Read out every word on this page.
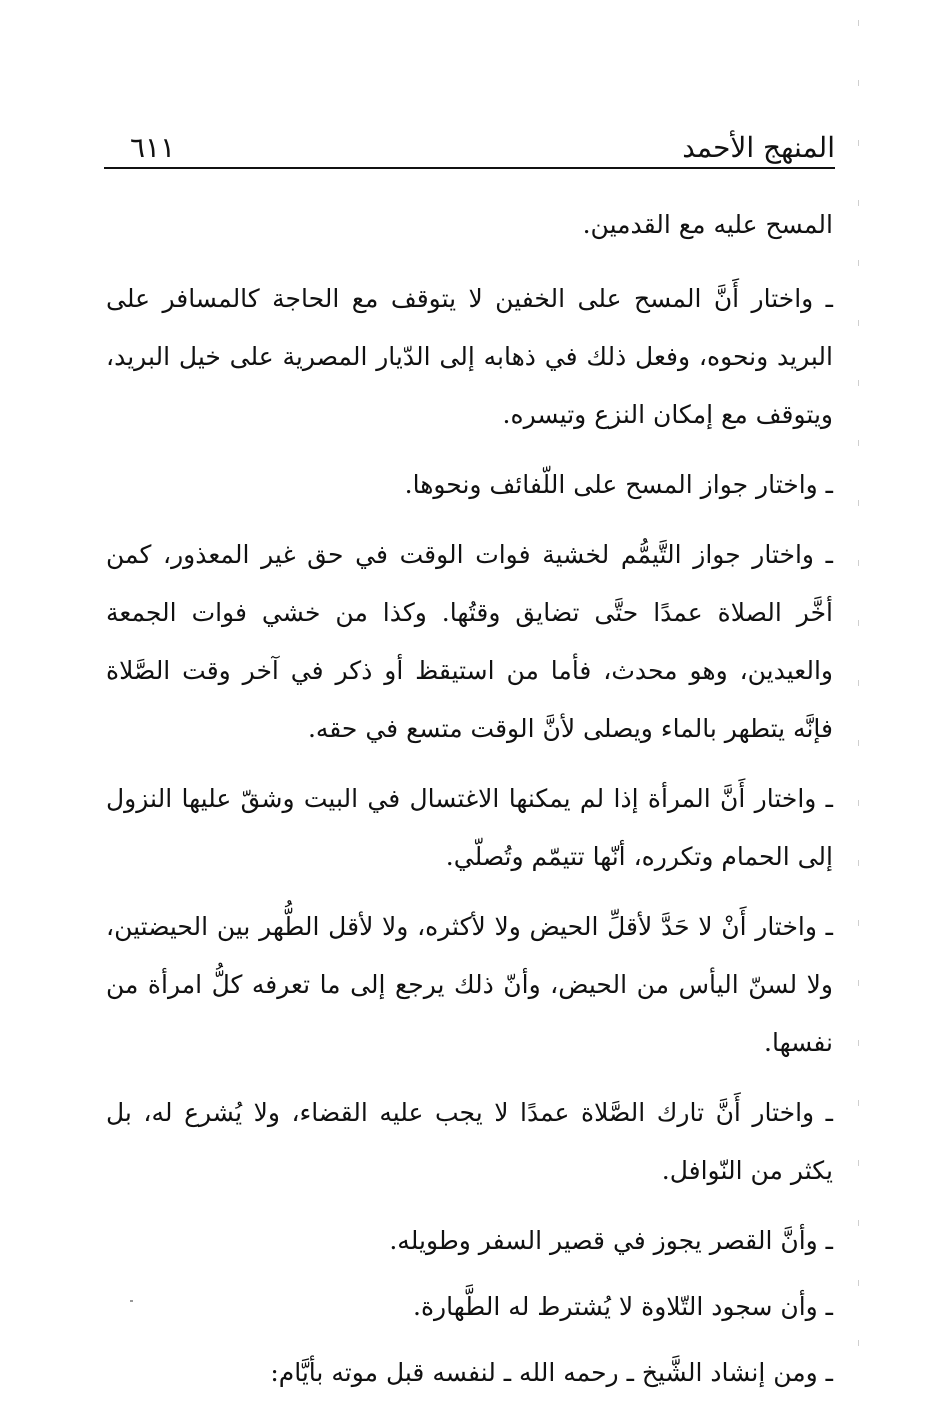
المنهج الأحمد
٦١١

المسح عليه مع القدمين.

ـ واختار أَنَّ المسح على الخفين لا يتوقف مع الحاجة كالمسافر على البريد ونحوه، وفعل ذلك في ذهابه إلى الدّيار المصرية على خيل البريد، ويتوقف مع إمكان النزع وتيسره.

ـ واختار جواز المسح على اللّفائف ونحوها.

ـ واختار جواز التَّيمُّم لخشية فوات الوقت في حق غير المعذور، كمن أخَّر الصلاة عمدًا حتَّى تضايق وقتُها. وكذا من خشي فوات الجمعة والعيدين، وهو محدث، فأما من استيقظ أو ذكر في آخر وقت الصَّلاة فإنَّه يتطهر بالماء ويصلى لأنَّ الوقت متسع في حقه.

ـ واختار أَنَّ المرأة إذا لم يمكنها الاغتسال في البيت وشقّ عليها النزول إلى الحمام وتكرره، أنّها تتيمّم وتُصلّي.

ـ واختار أَنْ لا حَدَّ لأقلِّ الحيض ولا لأكثره، ولا لأقل الطُّهر بين الحيضتين، ولا لسنّ اليأس من الحيض، وأنّ ذلك يرجع إلى ما تعرفه كلُّ امرأة من نفسها.

ـ واختار أَنَّ تارك الصَّلاة عمدًا لا يجب عليه القضاء، ولا يُشرع له، بل يكثر من النّوافل.

ـ وأنَّ القصر يجوز في قصير السفر وطويله.

ـ وأن سجود التّلاوة لا يُشترط له الطَّهارة.

ـ ومن إنشاد الشَّيخ ـ رحمه الله ـ لنفسه قبل موته بأيَّام:
